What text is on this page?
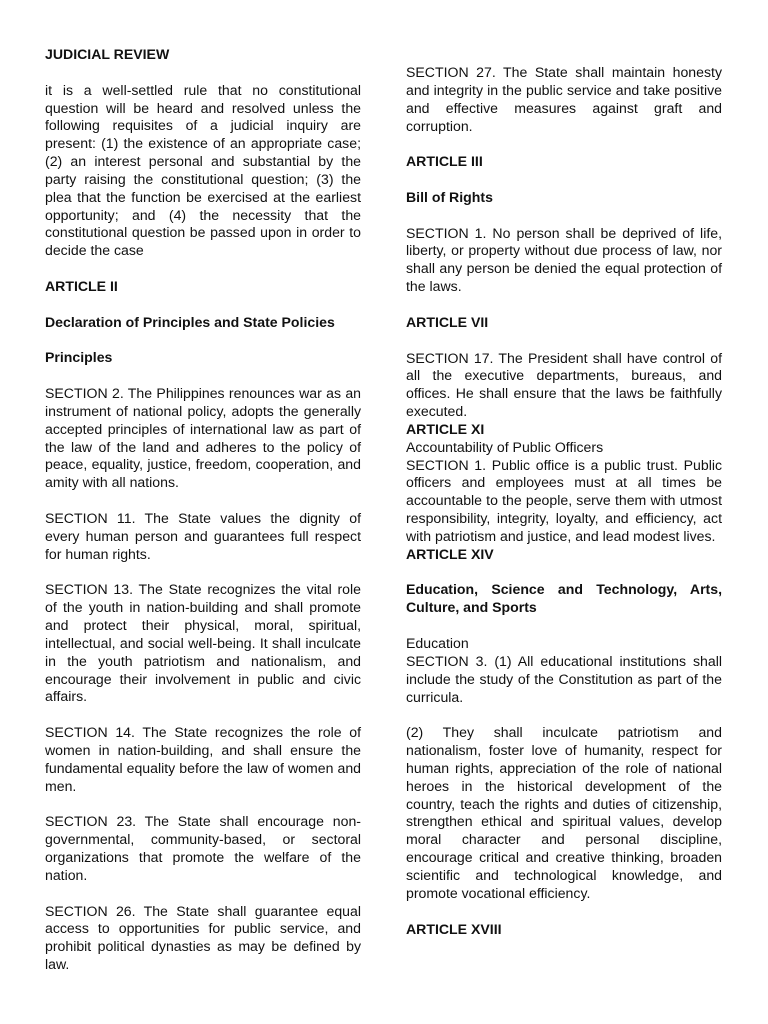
JUDICIAL REVIEW

it is a well-settled rule that no constitutional question will be heard and resolved unless the following requisites of a judicial inquiry are present: (1) the existence of an appropriate case; (2) an interest personal and substantial by the party raising the constitutional question; (3) the plea that the function be exercised at the earliest opportunity; and (4) the necessity that the constitutional question be passed upon in order to decide the case

ARTICLE II

Declaration of Principles and State Policies

Principles

SECTION 2. The Philippines renounces war as an instrument of national policy, adopts the generally accepted principles of international law as part of the law of the land and adheres to the policy of peace, equality, justice, freedom, cooperation, and amity with all nations.

SECTION 11. The State values the dignity of every human person and guarantees full respect for human rights.

SECTION 13. The State recognizes the vital role of the youth in nation-building and shall promote and protect their physical, moral, spiritual, intellectual, and social well-being. It shall inculcate in the youth patriotism and nationalism, and encourage their involvement in public and civic affairs.

SECTION 14. The State recognizes the role of women in nation-building, and shall ensure the fundamental equality before the law of women and men.

SECTION 23. The State shall encourage non-governmental, community-based, or sectoral organizations that promote the welfare of the nation.

SECTION 26. The State shall guarantee equal access to opportunities for public service, and prohibit political dynasties as may be defined by law.

SECTION 27. The State shall maintain honesty and integrity in the public service and take positive and effective measures against graft and corruption.

ARTICLE III

Bill of Rights

SECTION 1. No person shall be deprived of life, liberty, or property without due process of law, nor shall any person be denied the equal protection of the laws.

ARTICLE VII

SECTION 17. The President shall have control of all the executive departments, bureaus, and offices. He shall ensure that the laws be faithfully executed.

ARTICLE XI

Accountability of Public Officers

SECTION 1. Public office is a public trust. Public officers and employees must at all times be accountable to the people, serve them with utmost responsibility, integrity, loyalty, and efficiency, act with patriotism and justice, and lead modest lives.

ARTICLE XIV

Education, Science and Technology, Arts, Culture, and Sports

Education

SECTION 3. (1) All educational institutions shall include the study of the Constitution as part of the curricula.

(2) They shall inculcate patriotism and nationalism, foster love of humanity, respect for human rights, appreciation of the role of national heroes in the historical development of the country, teach the rights and duties of citizenship, strengthen ethical and spiritual values, develop moral character and personal discipline, encourage critical and creative thinking, broaden scientific and technological knowledge, and promote vocational efficiency.

ARTICLE XVIII
